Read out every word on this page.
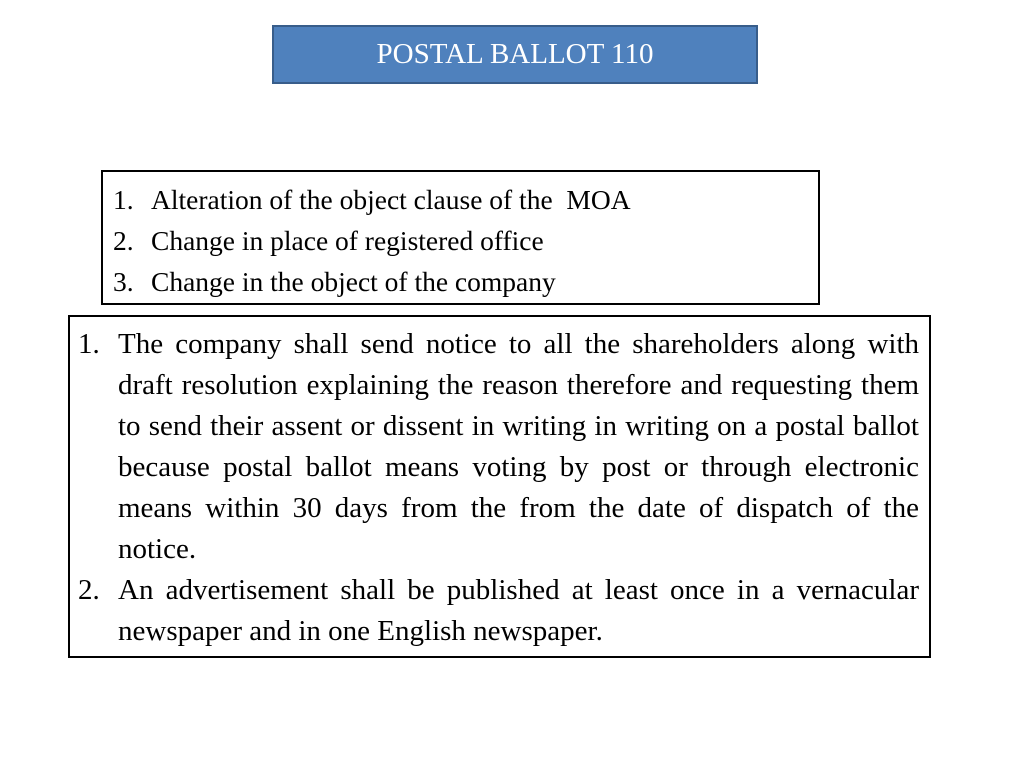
POSTAL BALLOT 110
1. Alteration of the object clause of the  MOA
2. Change in place of registered office
3. Change in the object of the company
1. The company shall send notice to all the shareholders along with draft resolution explaining the reason therefore and requesting them to send their assent or dissent in writing in writing on a postal ballot because postal ballot means voting by post or through electronic means within 30 days from the from the date of dispatch of the notice.
2. An advertisement shall be published at least once in a vernacular newspaper and in one English newspaper.
